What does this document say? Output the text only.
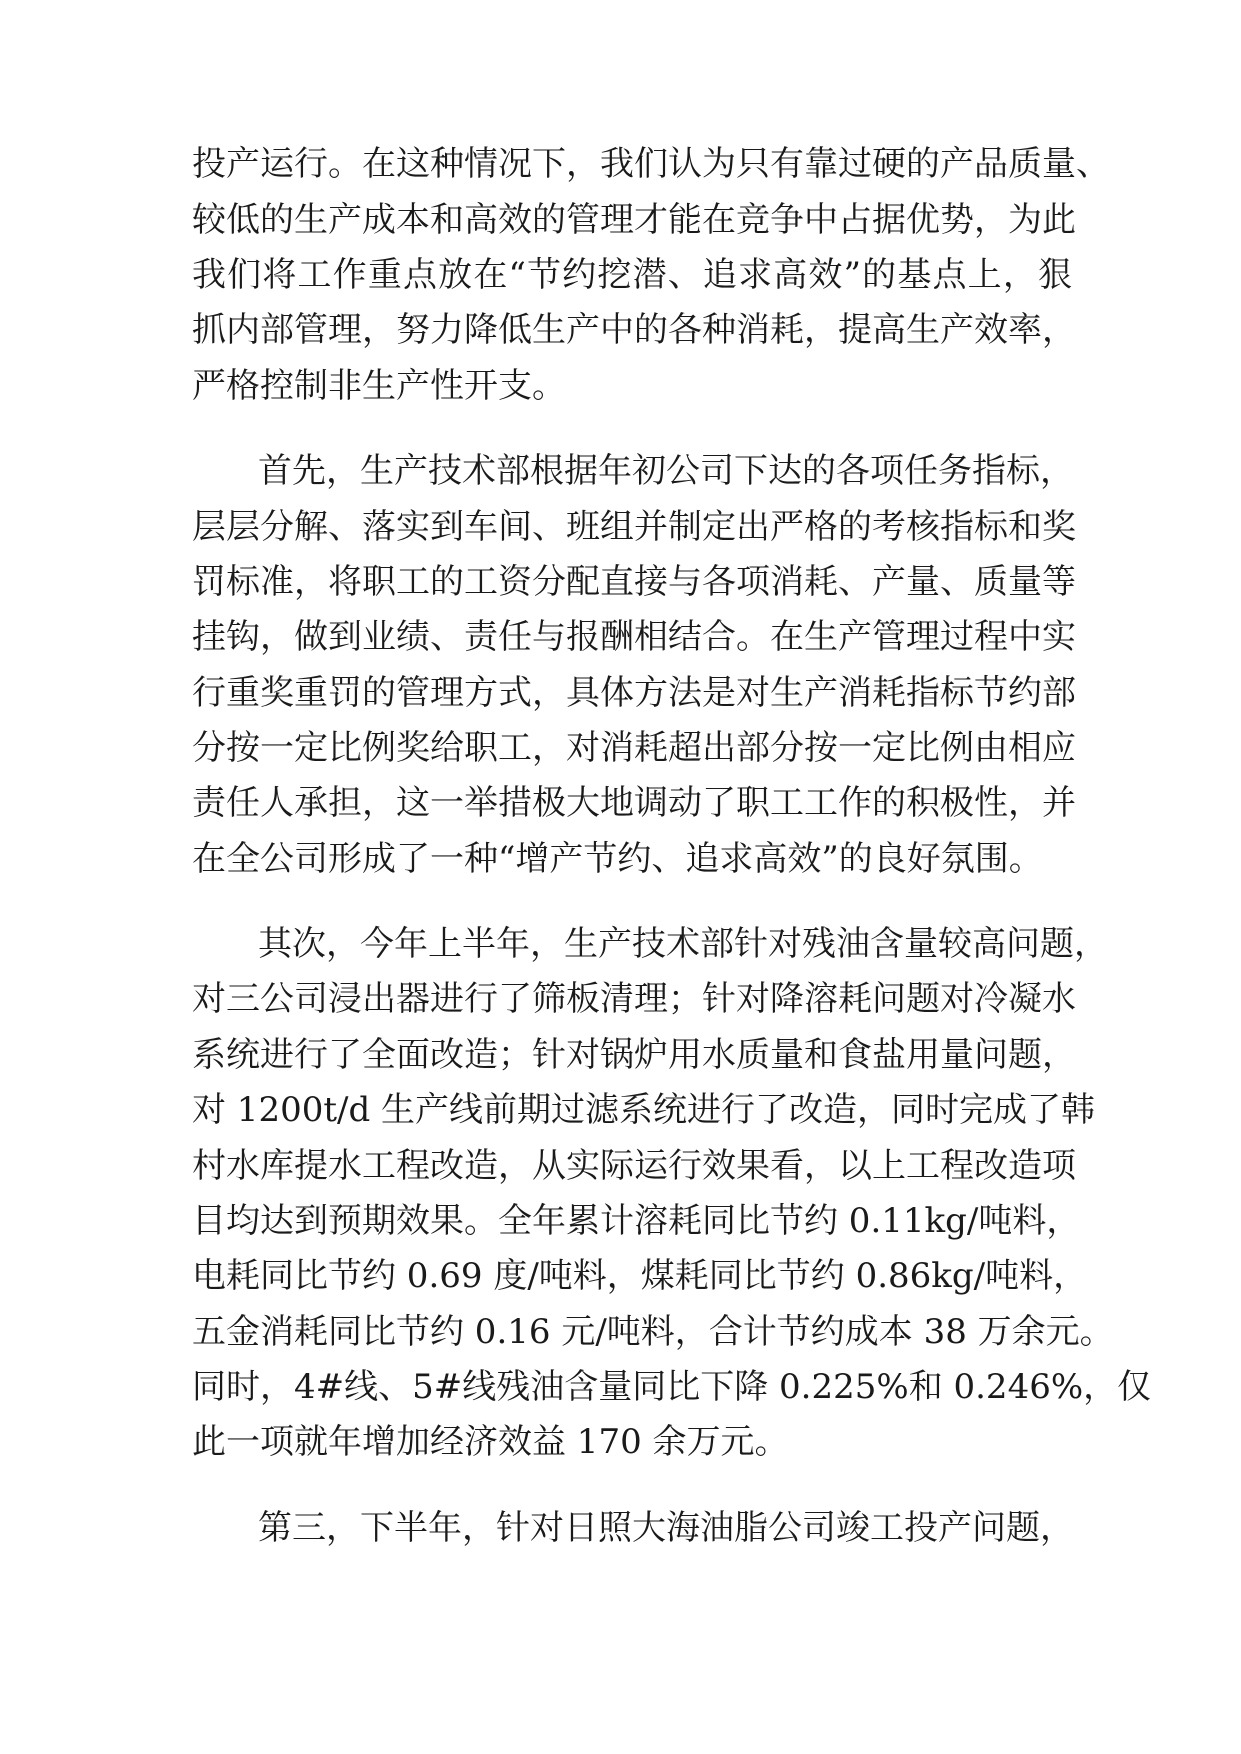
投产运行。在这种情况下，我们认为只有靠过硬的产品质量、

较低的生产成本和高效的管理才能在竞争中占据优势，为此

我们将工作重点放在“节约挖潜、追求高效”的基点上，狠

抓内部管理，努力降低生产中的各种消耗，提高生产效率，

严格控制非生产性开支。

首先，生产技术部根据年初公司下达的各项任务指标，

层层分解、落实到车间、班组并制定出严格的考核指标和奖

罚标准，将职工的工资分配直接与各项消耗、产量、质量等

挂钩，做到业绩、责任与报酬相结合。在生产管理过程中实

行重奖重罚的管理方式，具体方法是对生产消耗指标节约部

分按一定比例奖给职工，对消耗超出部分按一定比例由相应

责任人承担，这一举措极大地调动了职工工作的积极性，并

在全公司形成了一种“增产节约、追求高效”的良好氛围。

其次，今年上半年，生产技术部针对残油含量较高问题，

对三公司浸出器进行了筛板清理；针对降溶耗问题对冷凝水

系统进行了全面改造；针对锅炉用水质量和食盐用量问题，

对 1200t/d 生产线前期过滤系统进行了改造，同时完成了韩

村水库提水工程改造，从实际运行效果看，以上工程改造项

目均达到预期效果。全年累计溶耗同比节约 0.11kg/吨料，

电耗同比节约 0.69 度/吨料，煤耗同比节约 0.86kg/吨料，

五金消耗同比节约 0.16 元/吨料，合计节约成本 38 万余元。

同时，4#线、5#线残油含量同比下降 0.225%和 0.246%，仅

此一项就年增加经济效益 170 余万元。

第三，下半年，针对日照大海油脂公司竣工投产问题，
